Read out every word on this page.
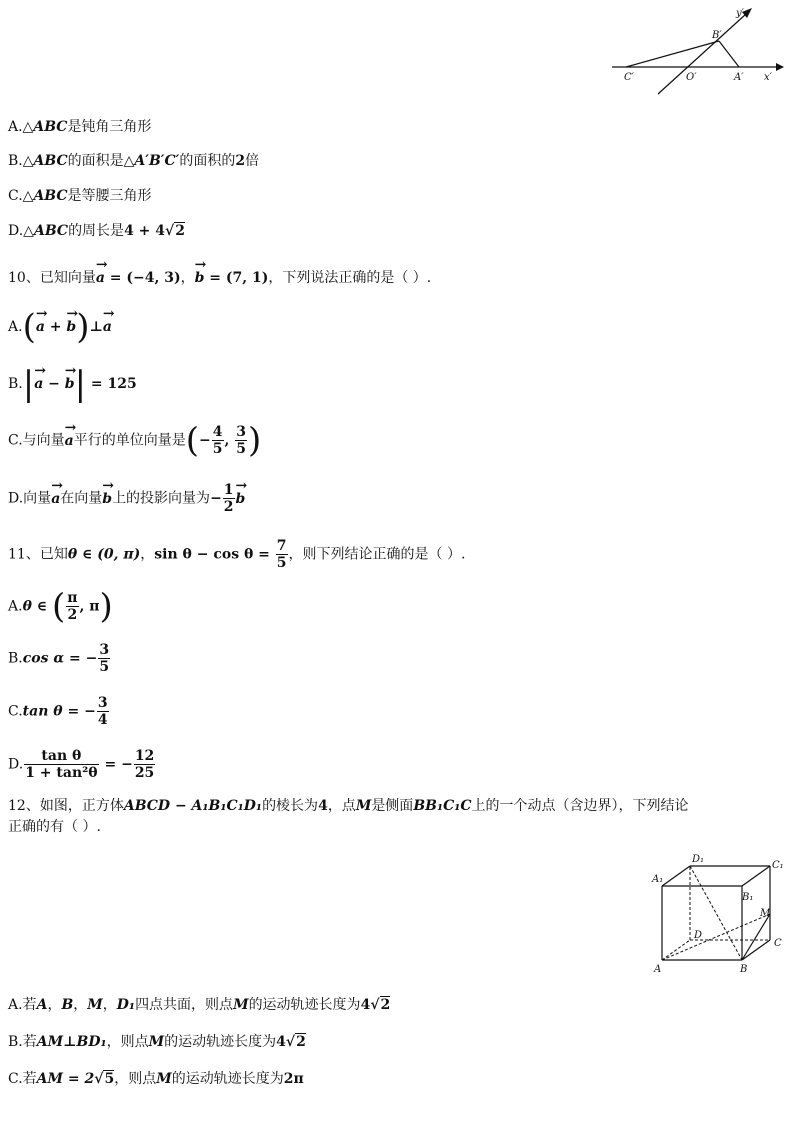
y′
B′
C′	O′	A′ x′
A.△ABC是钝角三角形
B.△ABC的面积是△A′B′C′的面积的2倍
C.△ABC是等腰三角形
D.△ABC的周长是4 + 4√2
10、已知向量→ a = (−4, 3)，→ b = (7, 1)，下列说法正确的是（ ）.
A.(→ a + → b)⊥→ a
B.|→ a − → b| = 125
C.与向量→ a平行的单位向量是(− $\frac{4}{5}$ , $\frac{3}{5}$ )
D.向量→ a在向量→ b上的投影向量为− $\frac{1}{2}$
→ b
11、已知θ ∈ (0, π)，$\sin \theta - \cos \theta = \frac{7}{5}$ ，则下列结论正确的是（ ）.
A.θ ∈ ( $\frac{\pi}{2}$ , π)
B.cos α = − $\frac{3}{5}$
C.tan θ = − $\frac{3}{4}$
D. $\frac{\text{tan θ}}{\text{1 + tan²θ}}$ = − $\frac{12}{25}$
12、如图，正方体ABCD − A₁B₁C₁D₁的棱长为4，点M是侧面BB₁C₁C上的一个动点（含边界），下列结论
正确的有（ ）.
A	B
C
D
A₁
B₁
C₁
D₁
M
A.若A，B，M，D₁四点共面，则点M的运动轨迹长度为4√2
B.若AM⊥BD₁，则点M的运动轨迹长度为4√2
C.若AM = 2√5，则点M的运动轨迹长度为2π
